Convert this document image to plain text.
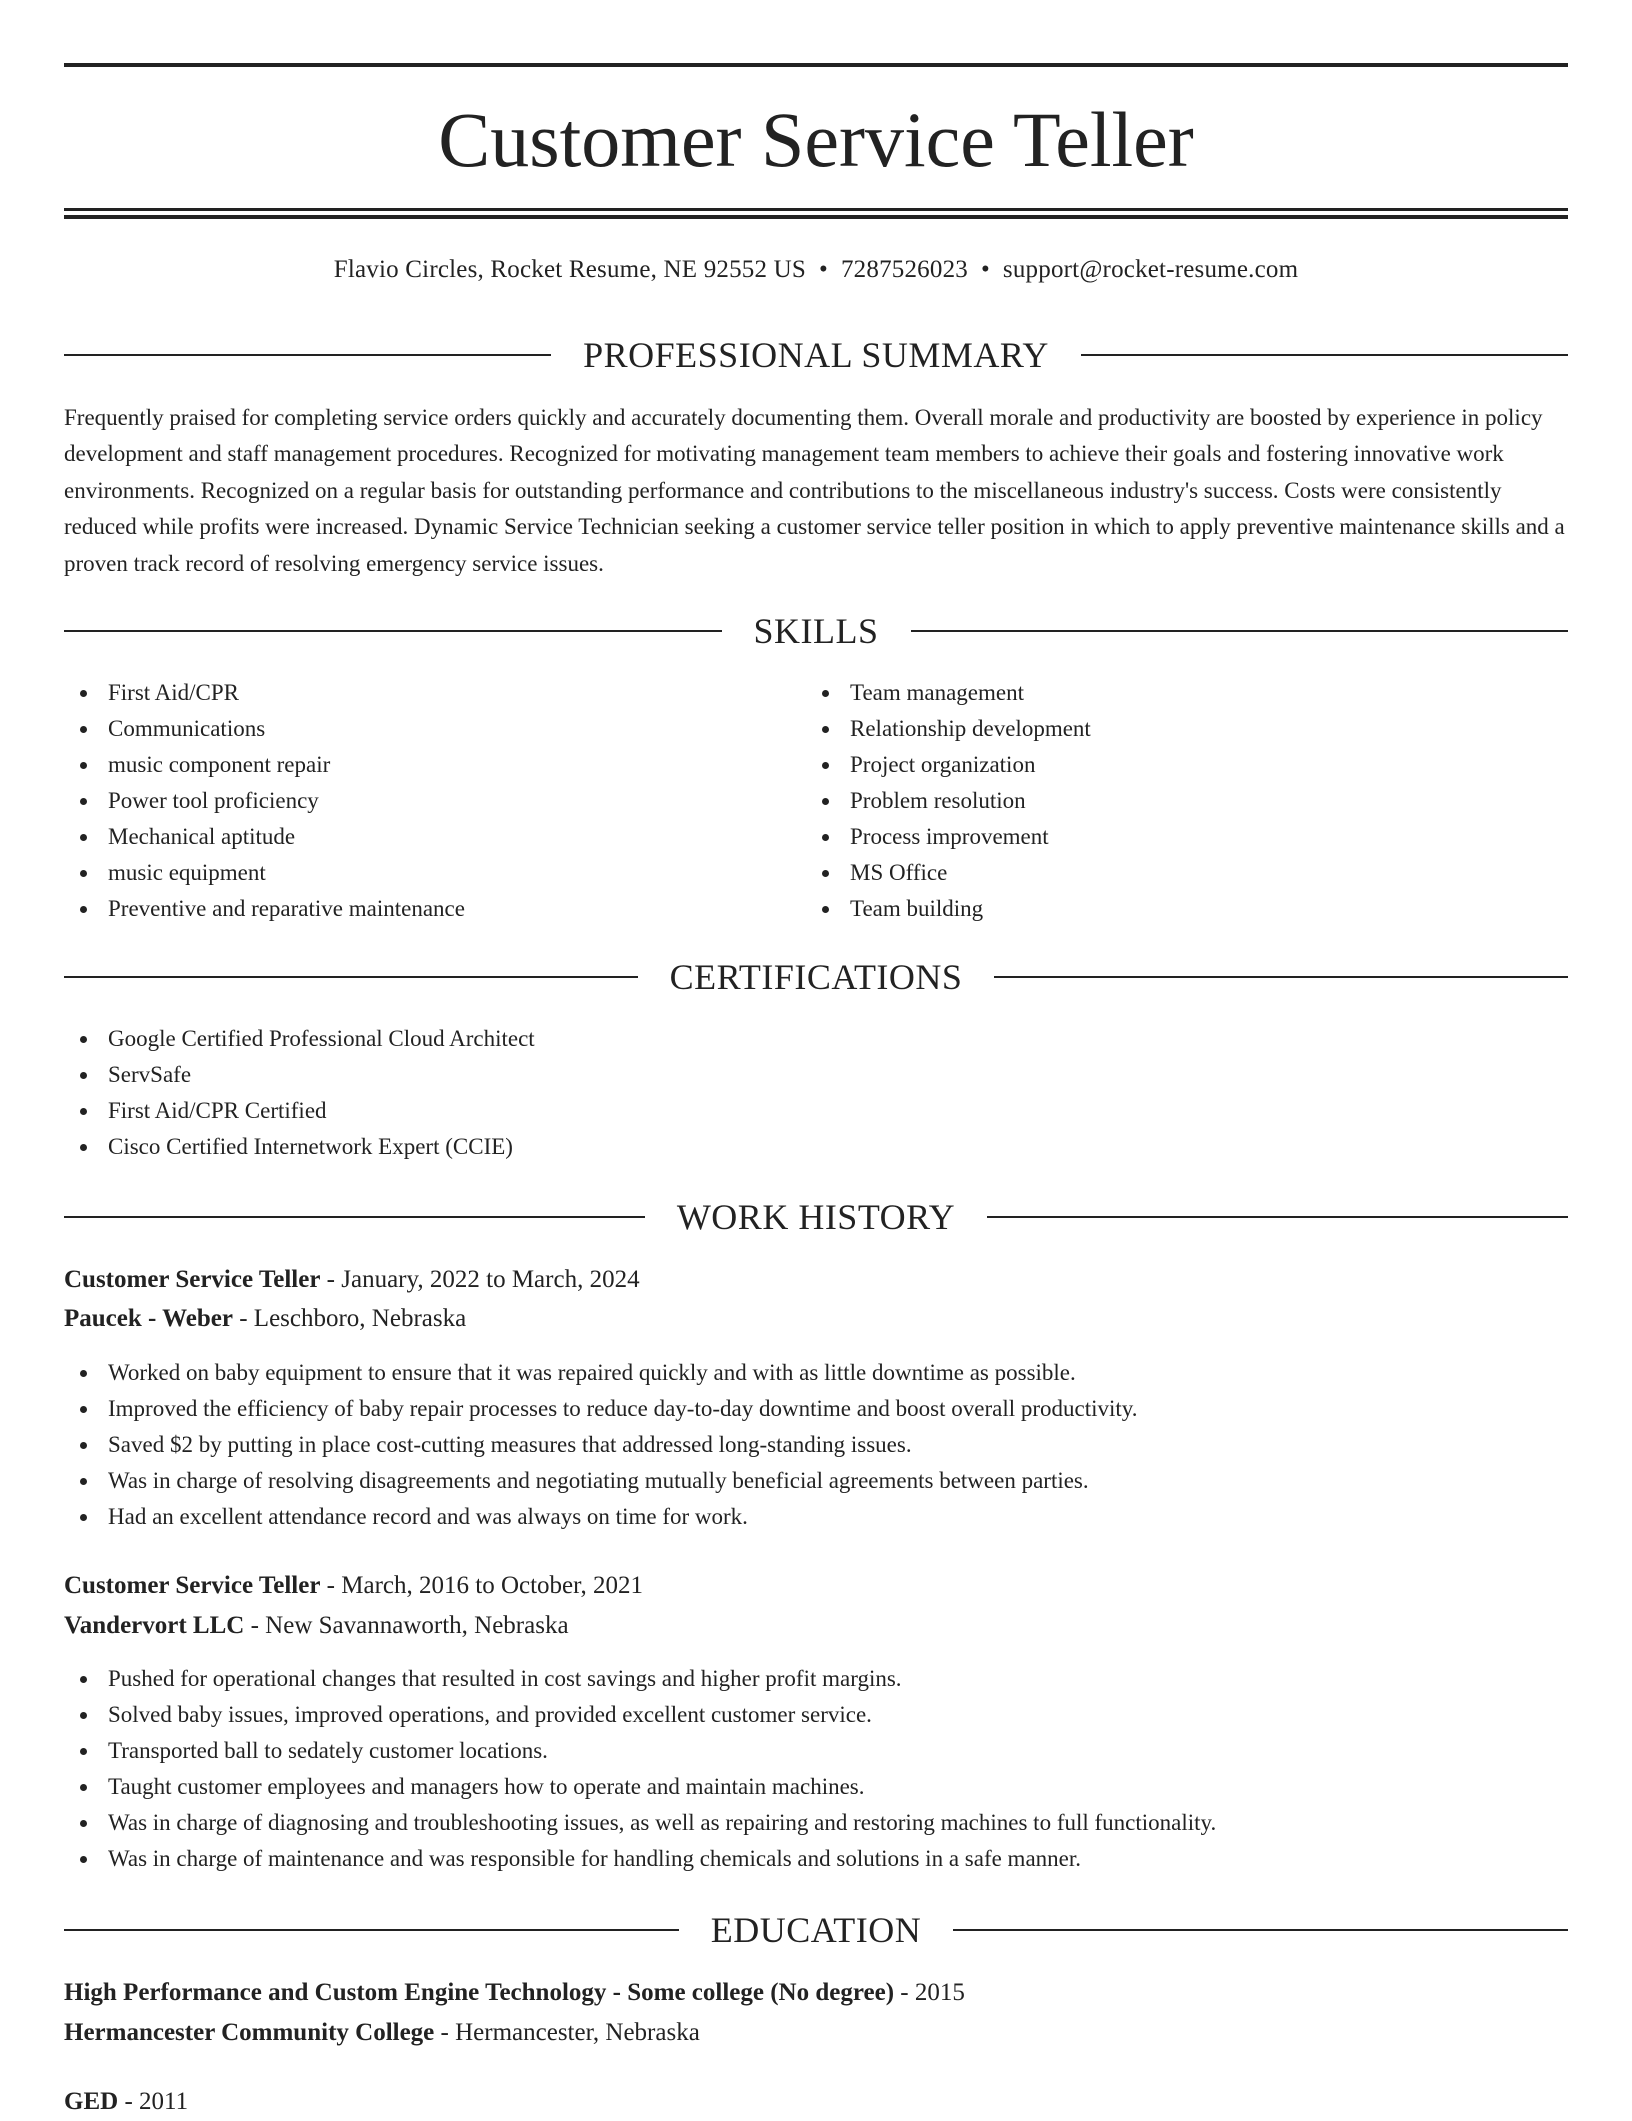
Customer Service Teller
Flavio Circles, Rocket Resume, NE 92552 US • 7287526023 • support@rocket-resume.com
PROFESSIONAL SUMMARY

Frequently praised for completing service orders quickly and accurately documenting them. Overall morale and productivity are boosted by experience in policy development and staff management procedures. Recognized for motivating management team members to achieve their goals and fostering innovative work environments. Recognized on a regular basis for outstanding performance and contributions to the miscellaneous industry's success. Costs were consistently reduced while profits were increased. Dynamic Service Technician seeking a customer service teller position in which to apply preventive maintenance skills and a proven track record of resolving emergency service issues.

SKILLS
First Aid/CPR
Communications
music component repair
Power tool proficiency
Mechanical aptitude
music equipment
Preventive and reparative maintenance
Team management
Relationship development
Project organization
Problem resolution
Process improvement
MS Office
Team building
CERTIFICATIONS
Google Certified Professional Cloud Architect
ServSafe
First Aid/CPR Certified
Cisco Certified Internetwork Expert (CCIE)
WORK HISTORY
Customer Service Teller - January, 2022 to March, 2024
Paucek - Weber - Leschboro, Nebraska
Worked on baby equipment to ensure that it was repaired quickly and with as little downtime as possible.
Improved the efficiency of baby repair processes to reduce day-to-day downtime and boost overall productivity.
Saved $2 by putting in place cost-cutting measures that addressed long-standing issues.
Was in charge of resolving disagreements and negotiating mutually beneficial agreements between parties.
Had an excellent attendance record and was always on time for work.
Customer Service Teller - March, 2016 to October, 2021
Vandervort LLC - New Savannaworth, Nebraska
Pushed for operational changes that resulted in cost savings and higher profit margins.
Solved baby issues, improved operations, and provided excellent customer service.
Transported ball to sedately customer locations.
Taught customer employees and managers how to operate and maintain machines.
Was in charge of diagnosing and troubleshooting issues, as well as repairing and restoring machines to full functionality.
Was in charge of maintenance and was responsible for handling chemicals and solutions in a safe manner.
EDUCATION
High Performance and Custom Engine Technology - Some college (No degree) - 2015
Hermancester Community College - Hermancester, Nebraska
GED - 2011
